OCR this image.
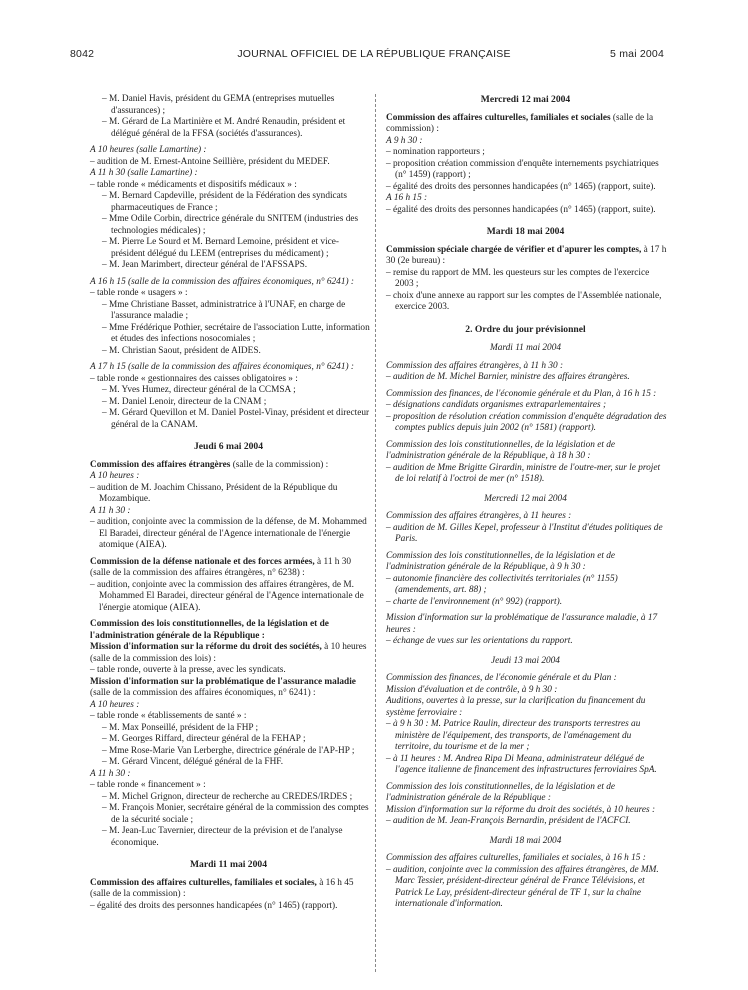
8042	JOURNAL OFFICIEL DE LA RÉPUBLIQUE FRANÇAISE	5 mai 2004

– M. Daniel Havis, président du GEMA (entreprises mutuelles d'assurances) ;

– M. Gérard de La Martinière et M. André Renaudin, président et délégué général de la FFSA (sociétés d'assurances).

A 10 heures (salle Lamartine) :

– audition de M. Ernest-Antoine Seillière, président du MEDEF.

A 11 h 30 (salle Lamartine) :

– table ronde « médicaments et dispositifs médicaux » :

– M. Bernard Capdeville, président de la Fédération des syndicats pharmaceutiques de France ;

– Mme Odile Corbin, directrice générale du SNITEM (industries des technologies médicales) ;

– M. Pierre Le Sourd et M. Bernard Lemoine, président et vice-président délégué du LEEM (entreprises du médicament) ;

– M. Jean Marimbert, directeur général de l'AFSSAPS.

A 16 h 15 (salle de la commission des affaires économiques, n° 6241) :

– table ronde « usagers » :

– Mme Christiane Basset, administratrice à l'UNAF, en charge de l'assurance maladie ;

– Mme Frédérique Pothier, secrétaire de l'association Lutte, information et études des infections nosocomiales ;

– M. Christian Saout, président de AIDES.

A 17 h 15 (salle de la commission des affaires économiques, n° 6241) :

– table ronde « gestionnaires des caisses obligatoires » :

– M. Yves Humez, directeur général de la CCMSA ;

– M. Daniel Lenoir, directeur de la CNAM ;

– M. Gérard Quevillon et M. Daniel Postel-Vinay, président et directeur général de la CANAM.

Jeudi 6 mai 2004

Commission des affaires étrangères (salle de la commission) :

A 10 heures :

– audition de M. Joachim Chissano, Président de la République du Mozambique.

A 11 h 30 :

– audition, conjointe avec la commission de la défense, de M. Mohammed El Baradei, directeur général de l'Agence internationale de l'énergie atomique (AIEA).

Commission de la défense nationale et des forces armées, à 11 h 30 (salle de la commission des affaires étrangères, n° 6238) :

– audition, conjointe avec la commission des affaires étrangères, de M. Mohammed El Baradei, directeur général de l'Agence internationale de l'énergie atomique (AIEA).

Commission des lois constitutionnelles, de la législation et de l'administration générale de la République :

Mission d'information sur la réforme du droit des sociétés, à 10 heures (salle de la commission des lois) :

– table ronde, ouverte à la presse, avec les syndicats.

Mission d'information sur la problématique de l'assurance maladie (salle de la commission des affaires économiques, n° 6241) :

A 10 heures :

– table ronde « établissements de santé » :

– M. Max Ponseillé, président de la FHP ;

– M. Georges Riffard, directeur général de la FEHAP ;

– Mme Rose-Marie Van Lerberghe, directrice générale de l'AP-HP ;

– M. Gérard Vincent, délégué général de la FHF.

A 11 h 30 :

– table ronde « financement » :

– M. Michel Grignon, directeur de recherche au CREDES/IRDES ;

– M. François Monier, secrétaire général de la commission des comptes de la sécurité sociale ;

– M. Jean-Luc Tavernier, directeur de la prévision et de l'analyse économique.

Mardi 11 mai 2004

Commission des affaires culturelles, familiales et sociales, à 16 h 45 (salle de la commission) :

– égalité des droits des personnes handicapées (n° 1465) (rapport).

Mercredi 12 mai 2004

Commission des affaires culturelles, familiales et sociales (salle de la commission) :

A 9 h 30 :

– nomination rapporteurs ;

– proposition création commission d'enquête internements psychiatriques (n° 1459) (rapport) ;

– égalité des droits des personnes handicapées (n° 1465) (rapport, suite).

A 16 h 15 :

– égalité des droits des personnes handicapées (n° 1465) (rapport, suite).

Mardi 18 mai 2004

Commission spéciale chargée de vérifier et d'apurer les comptes, à 17 h 30 (2e bureau) :

– remise du rapport de MM. les questeurs sur les comptes de l'exercice 2003 ;

– choix d'une annexe au rapport sur les comptes de l'Assemblée nationale, exercice 2003.

2. Ordre du jour prévisionnel

Mardi 11 mai 2004

Commission des affaires étrangères, à 11 h 30 :

– audition de M. Michel Barnier, ministre des affaires étrangères.

Commission des finances, de l'économie générale et du Plan, à 16 h 15 :

– désignations candidats organismes extraparlementaires ;

– proposition de résolution création commission d'enquête dégradation des comptes publics depuis juin 2002 (n° 1581) (rapport).

Commission des lois constitutionnelles, de la législation et de l'administration générale de la République, à 18 h 30 :

– audition de Mme Brigitte Girardin, ministre de l'outre-mer, sur le projet de loi relatif à l'octroi de mer (n° 1518).

Mercredi 12 mai 2004

Commission des affaires étrangères, à 11 heures :

– audition de M. Gilles Kepel, professeur à l'Institut d'études politiques de Paris.

Commission des lois constitutionnelles, de la législation et de l'administration générale de la République, à 9 h 30 :

– autonomie financière des collectivités territoriales (n° 1155) (amendements, art. 88) ;

– charte de l'environnement (n° 992) (rapport).

Mission d'information sur la problématique de l'assurance maladie, à 17 heures :

– échange de vues sur les orientations du rapport.

Jeudi 13 mai 2004

Commission des finances, de l'économie générale et du Plan :

Mission d'évaluation et de contrôle, à 9 h 30 :

Auditions, ouvertes à la presse, sur la clarification du financement du système ferroviaire :

– à 9 h 30 : M. Patrice Raulin, directeur des transports terrestres au ministère de l'équipement, des transports, de l'aménagement du territoire, du tourisme et de la mer ;

– à 11 heures : M. Andrea Ripa Di Meana, administrateur délégué de l'agence italienne de financement des infrastructures ferroviaires SpA.

Commission des lois constitutionnelles, de la législation et de l'administration générale de la République :

Mission d'information sur la réforme du droit des sociétés, à 10 heures :

– audition de M. Jean-François Bernardin, président de l'ACFCI.

Mardi 18 mai 2004

Commission des affaires culturelles, familiales et sociales, à 16 h 15 :

– audition, conjointe avec la commission des affaires étrangères, de MM. Marc Tessier, président-directeur général de France Télévisions, et Patrick Le Lay, président-directeur général de TF 1, sur la chaîne internationale d'information.
